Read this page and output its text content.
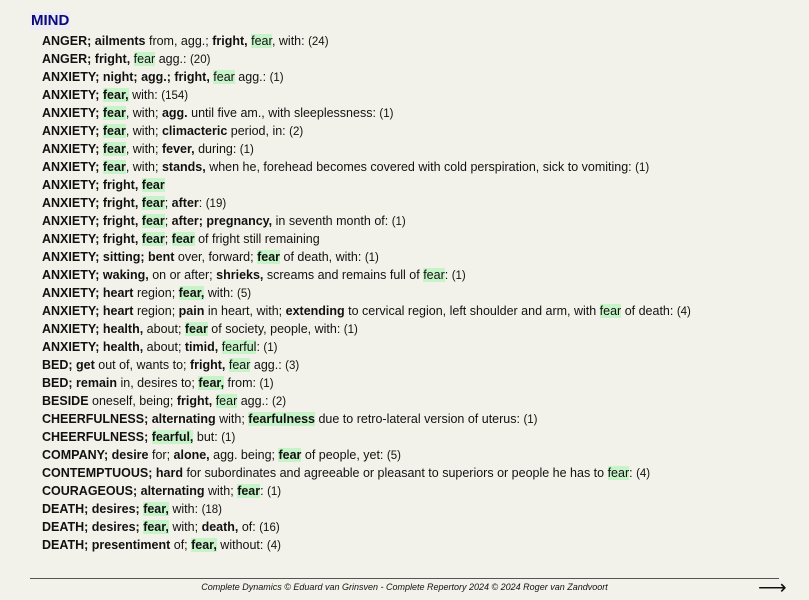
MIND
ANGER; ailments from, agg.; fright, fear, with: (24)
ANGER; fright, fear agg.: (20)
ANXIETY; night; agg.; fright, fear agg.: (1)
ANXIETY; fear, with: (154)
ANXIETY; fear, with; agg. until five am., with sleeplessness: (1)
ANXIETY; fear, with; climacteric period, in: (2)
ANXIETY; fear, with; fever, during: (1)
ANXIETY; fear, with; stands, when he, forehead becomes covered with cold perspiration, sick to vomiting: (1)
ANXIETY; fright, fear
ANXIETY; fright, fear; after: (19)
ANXIETY; fright, fear; after; pregnancy, in seventh month of: (1)
ANXIETY; fright, fear; fear of fright still remaining
ANXIETY; sitting; bent over, forward; fear of death, with: (1)
ANXIETY; waking, on or after; shrieks, screams and remains full of fear: (1)
ANXIETY; heart region; fear, with: (5)
ANXIETY; heart region; pain in heart, with; extending to cervical region, left shoulder and arm, with fear of death: (4)
ANXIETY; health, about; fear of society, people, with: (1)
ANXIETY; health, about; timid, fearful: (1)
BED; get out of, wants to; fright, fear agg.: (3)
BED; remain in, desires to; fear, from: (1)
BESIDE oneself, being; fright, fear agg.: (2)
CHEERFULNESS; alternating with; fearfulness due to retro-lateral version of uterus: (1)
CHEERFULNESS; fearful, but: (1)
COMPANY; desire for; alone, agg. being; fear of people, yet: (5)
CONTEMPTUOUS; hard for subordinates and agreeable or pleasant to superiors or people he has to fear: (4)
COURAGEOUS; alternating with; fear: (1)
DEATH; desires; fear, with: (18)
DEATH; desires; fear, with; death, of: (16)
DEATH; presentiment of; fear, without: (4)
Complete Dynamics © Eduard van Grinsven - Complete Repertory 2024 © 2024 Roger van Zandvoort	⟶
